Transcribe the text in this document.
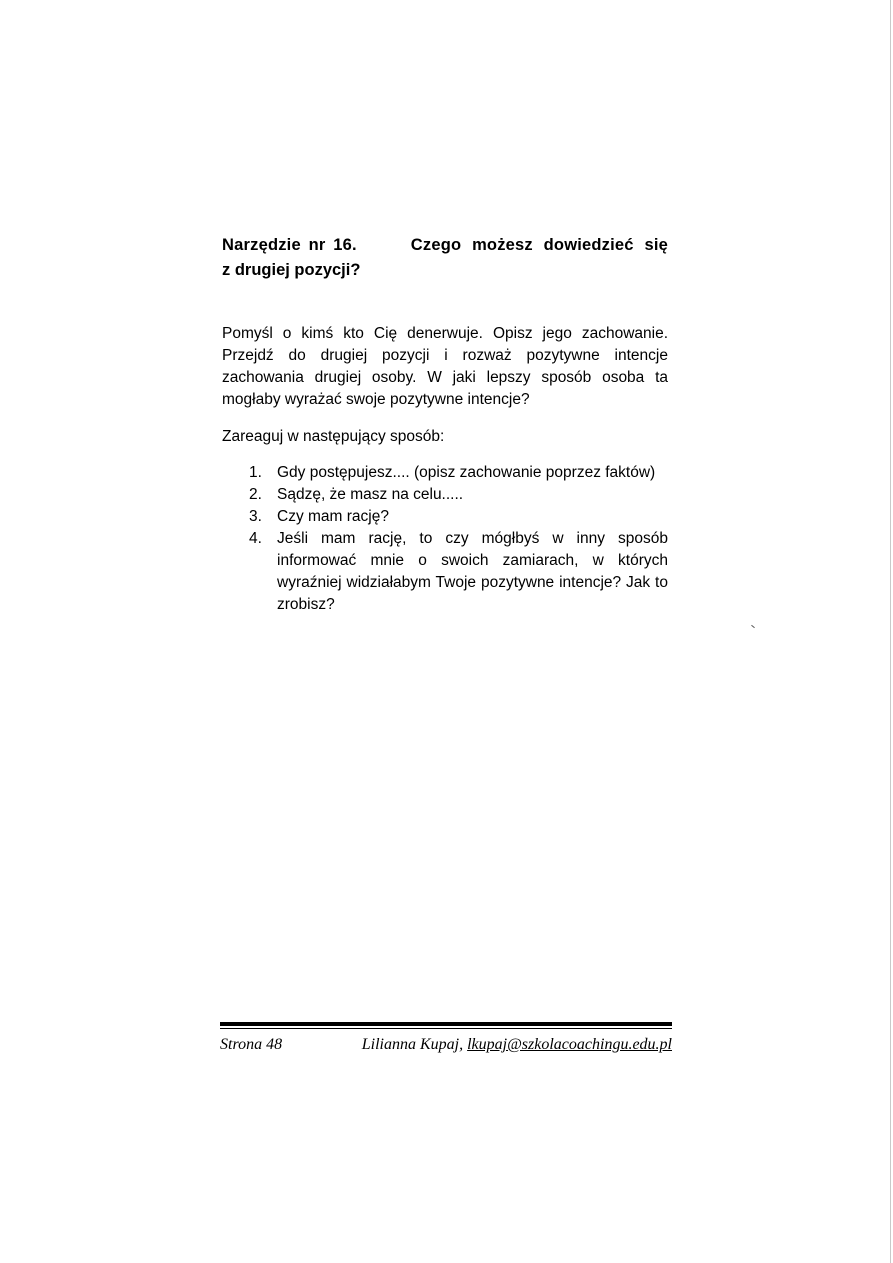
Narzędzie nr 16.	Czego możesz dowiedzieć się
z drugiej pozycji?

Pomyśl o kimś kto Cię denerwuje. Opisz jego zachowanie. Przejdź do drugiej pozycji i rozważ pozytywne intencje zachowania drugiej osoby. W jaki lepszy sposób osoba ta mogłaby wyrażać swoje pozytywne intencje?

Zareaguj w następujący sposób:

1. Gdy postępujesz.... (opisz zachowanie poprzez faktów)
2. Sądzę, że masz na celu.....
3. Czy mam rację?
4. Jeśli mam rację, to czy mógłbyś w inny sposób informować mnie o swoich zamiarach, w których wyraźniej widziałabym Twoje pozytywne intencje? Jak to zrobisz?
Strona 48	Lilianna Kupaj, lkupaj@szkolacoachingu.edu.pl
